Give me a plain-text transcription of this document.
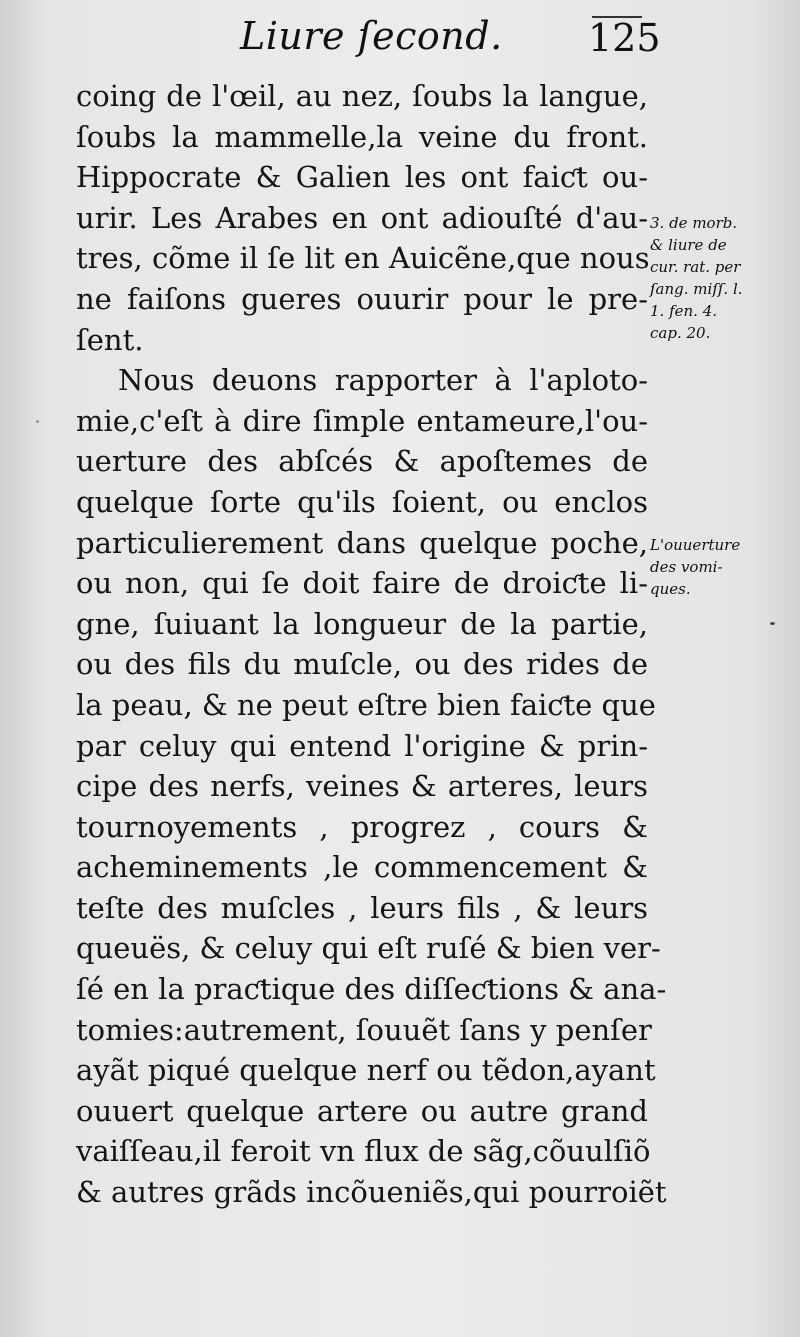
Liure ſecond. 125
coing de l'œil, au nez, ſoubs la langue,
ſoubs la mammelle,la veine du front.
Hippocrate & Galien les ont faiƈt ou-
urir. Les Arabes en ont adiouſté d'au-
tres, cõme il ſe lit en Auicẽne,que nous
ne faiſons gueres ouurir pour le pre-
ſent.
Nous deuons rapporter à l'aploto-
mie,c'eſt à dire ſimple entameure,l'ou-
uerture des abſcés & apoſtemes de
quelque ſorte qu'ils ſoient, ou enclos
particulierement dans quelque poche,
ou non, qui ſe doit faire de droiƈte li-
gne, ſuiuant la longueur de la partie,
ou des fils du muſcle, ou des rides de
la peau, & ne peut eſtre bien faiƈte que
par celuy qui entend l'origine & prin-
cipe des nerfs, veines & arteres, leurs
tournoyements , progrez , cours &
acheminements ,le commencement &
teſte des muſcles , leurs fils , & leurs
queuës, & celuy qui eſt ruſé & bien ver-
ſé en la praƈtique des diſſeƈtions & ana-
tomies:autrement, ſouuẽt ſans y penſer
ayãt piqué quelque nerf ou tẽdon,ayant
ouuert quelque artere ou autre grand
vaiſſeau,il feroit vn flux de sãg,cõuulſiõ
& autres grãds incõueniẽs,qui pourroiẽt
3. de morb.
& liure de
cur. rat. per
ſang. miſſ. l.
1. fen. 4.
cap. 20.
L'ouuerture
des vomi-
ques.
